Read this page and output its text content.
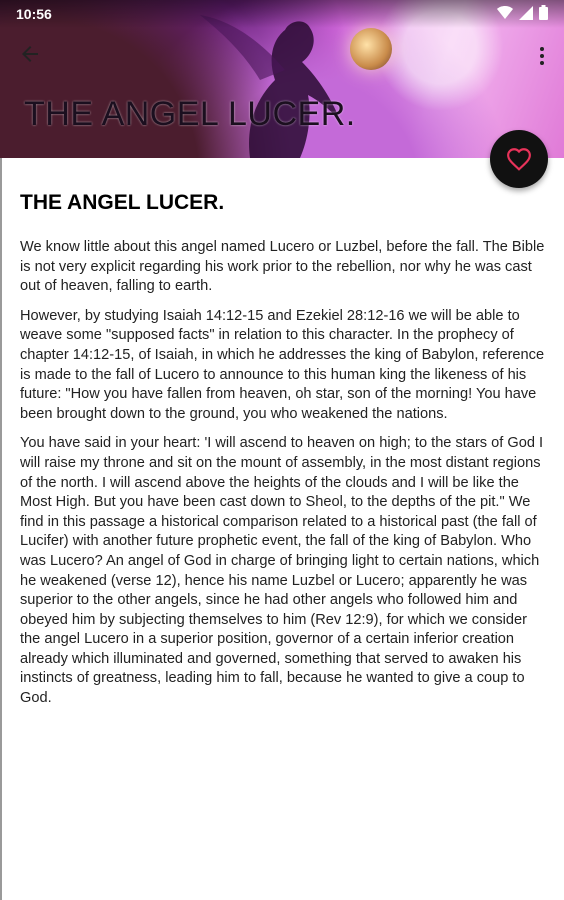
10:56
THE ANGEL LUCER.
THE ANGEL LUCER.

We know little about this angel named Lucero or Luzbel, before the fall. The Bible is not very explicit regarding his work prior to the rebellion, nor why he was cast out of heaven, falling to earth.

However, by studying Isaiah 14:12-15 and Ezekiel 28:12-16 we will be able to weave some "supposed facts" in relation to this character. In the prophecy of chapter 14:12-15, of Isaiah, in which he addresses the king of Babylon, reference is made to the fall of Lucero to announce to this human king the likeness of his future: "How you have fallen from heaven, oh star, son of the morning! You have been brought down to the ground, you who weakened the nations.

You have said in your heart: 'I will ascend to heaven on high; to the stars of God I will raise my throne and sit on the mount of assembly, in the most distant regions of the north. I will ascend above the heights of the clouds and I will be like the Most High. But you have been cast down to Sheol, to the depths of the pit." We find in this passage a historical comparison related to a historical past (the fall of Lucifer) with another future prophetic event, the fall of the king of Babylon. Who was Lucero? An angel of God in charge of bringing light to certain nations, which he weakened (verse 12), hence his name Luzbel or Lucero; apparently he was superior to the other angels, since he had other angels who followed him and obeyed him by subjecting themselves to him (Rev 12:9), for which we consider the angel Lucero in a superior position, governor of a certain inferior creation already which illuminated and governed, something that served to awaken his instincts of greatness, leading him to fall, because he wanted to give a coup to God.
